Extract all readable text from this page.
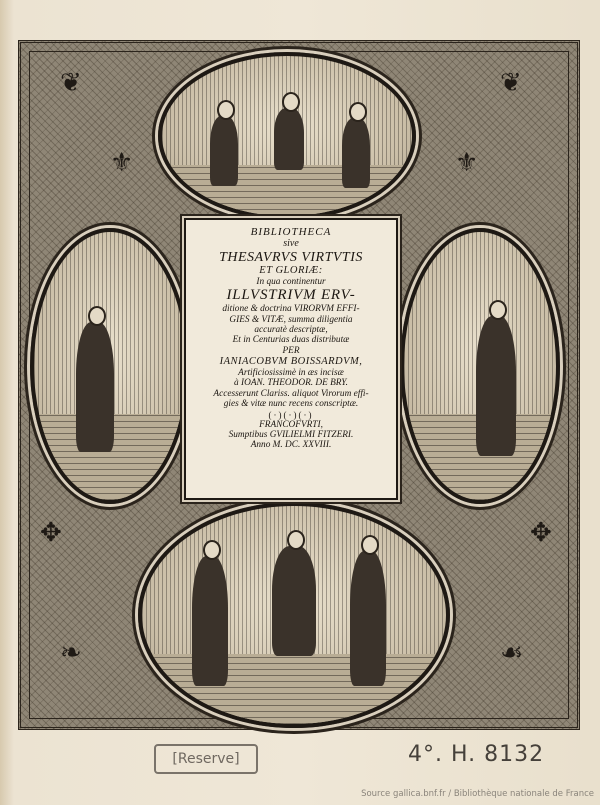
❦	❦
✥	✥
❧	☙
⚜	⚜
BIBLIOTHECA
sive
THESAVRVS VIRTVTIS
ET GLORIÆ:
In qua continentur
ILLVSTRIVM ERV-
ditione & doctrina VIRORVM EFFI-
GIES & VITÆ, summa diligentia
accuratè descriptæ,
Et in Centurias duas distributæ
PER
IANIACOBVM BOISSARDVM,
Artificiosissimè in æs incisæ
à IOAN. THEODOR. DE BRY.
Accesserunt Clariss. aliquot Virorum effi-
gies & vitæ nunc recens conscriptæ.
(·)(·)(·)
FRANCOFVRTI,
Sumptibus GVILIELMI FITZERI.
Anno M. DC. XXVIII.
[Reserve]	4°. H. 8132
Source gallica.bnf.fr / Bibliothèque nationale de France
